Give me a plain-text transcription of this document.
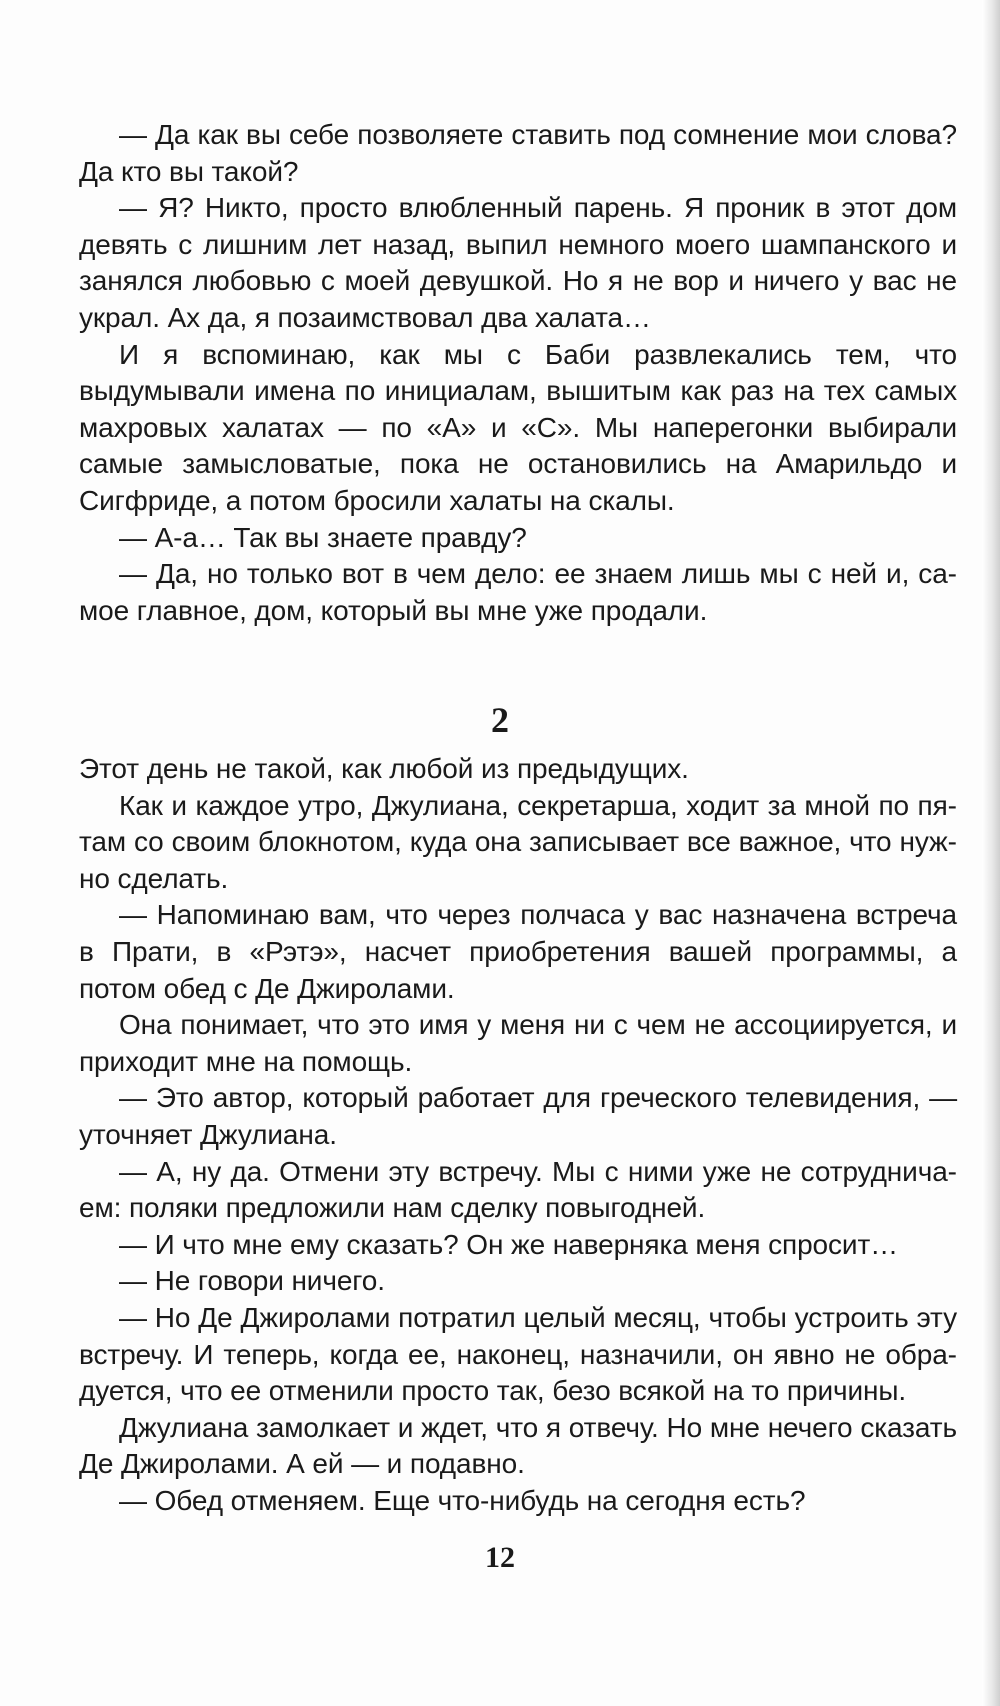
— Да как вы себе позволяете ставить под сомнение мои слова? Да кто вы такой?

— Я? Никто, просто влюбленный парень. Я проник в этот дом девять с лишним лет назад, выпил немного моего шампанского и занялся любовью с моей девушкой. Но я не вор и ничего у вас не украл. Ах да, я позаимствовал два халата…

И я вспоминаю, как мы с Баби развлекались тем, что выдумывали имена по инициалам, вышитым как раз на тех самых махровых халатах — по «А» и «С». Мы наперегонки выбирали самые замысловатые, пока не остановились на Амарильдо и Сигфриде, а потом бросили халаты на скалы.

— А-а… Так вы знаете правду?

— Да, но только вот в чем дело: ее знаем лишь мы с ней и, самое главное, дом, который вы мне уже продали.

2

Этот день не такой, как любой из предыдущих.

Как и каждое утро, Джулиана, секретарша, ходит за мной по пятам со своим блокнотом, куда она записывает все важное, что нужно сделать.

— Напоминаю вам, что через полчаса у вас назначена встреча в Прати, в «Рэтэ», насчет приобретения вашей программы, а потом обед с Де Джиролами.

Она понимает, что это имя у меня ни с чем не ассоциируется, и приходит мне на помощь.

— Это автор, который работает для греческого телевидения, — уточняет Джулиана.

— А, ну да. Отмени эту встречу. Мы с ними уже не сотрудничаем: поляки предложили нам сделку повыгодней.

— И что мне ему сказать? Он же наверняка меня спросит…

— Не говори ничего.

— Но Де Джиролами потратил целый месяц, чтобы устроить эту встречу. И теперь, когда ее, наконец, назначили, он явно не обрадуется, что ее отменили просто так, безо всякой на то причины.

Джулиана замолкает и ждет, что я отвечу. Но мне нечего сказать Де Джиролами. А ей — и подавно.

— Обед отменяем. Еще что-нибудь на сегодня есть?

12
